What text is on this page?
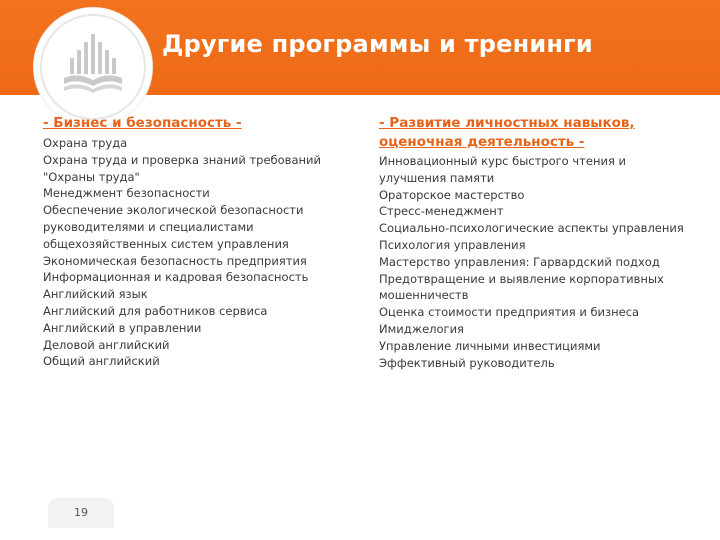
Другие программы и тренинги
- Бизнес и безопасность -
Охрана труда
Охрана труда и проверка знаний требований
"Охраны труда"
Менеджмент безопасности
Обеспечение экологической безопасности
руководителями и специалистами
общехозяйственных систем управления
Экономическая безопасность предприятия
Информационная и кадровая безопасность
Английский язык
Английский для работников сервиса
Английский в управлении
Деловой английский
Общий английский
- Развитие личностных навыков,
оценочная деятельность -
Инновационный курс быстрого чтения и
улучшения памяти
Ораторское мастерство
Стресс-менеджмент
Социально-психологические аспекты управления
Психология управления
Мастерство управления: Гарвардский подход
Предотвращение и выявление корпоративных
мошенничеств
Оценка стоимости предприятия и бизнеса
Имиджелогия
Управление личными инвестициями
Эффективный руководитель
19
